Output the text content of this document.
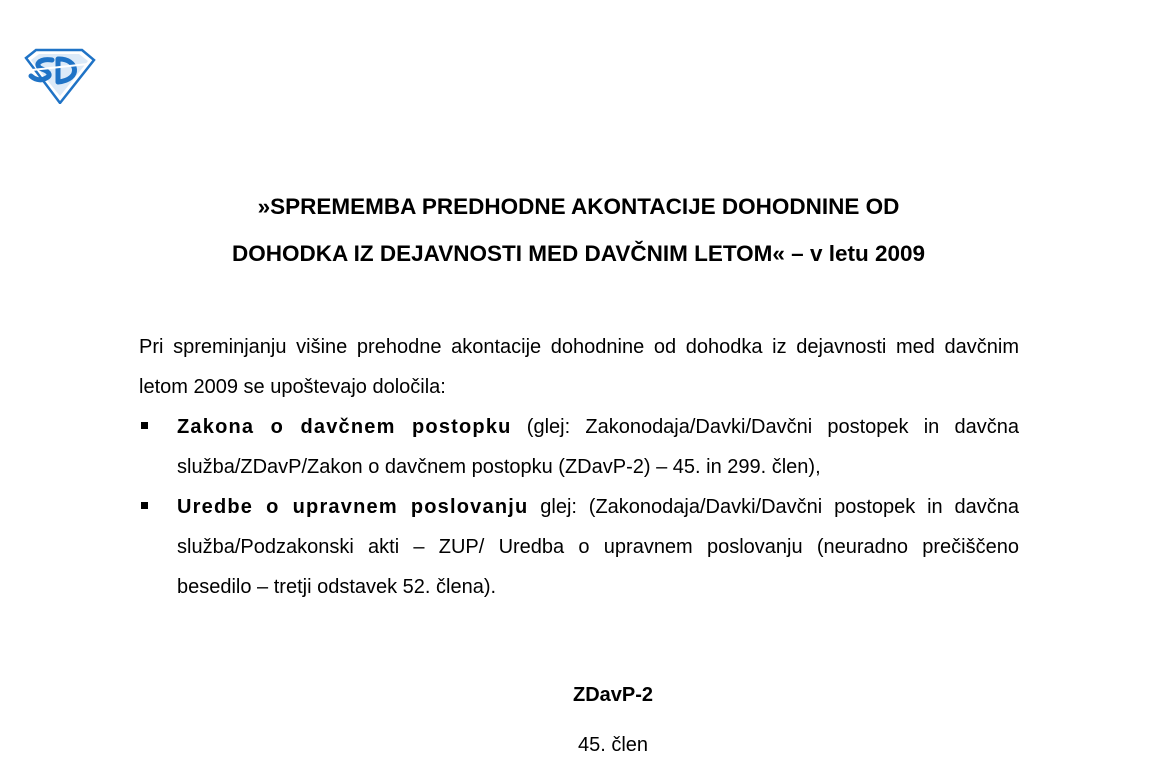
»SPREMEMBA PREDHODNE AKONTACIJE DOHODNINE OD
DOHODKA IZ DEJAVNOSTI MED DAVČNIM LETOM« – v letu 2009
Pri spreminjanju višine prehodne akontacije dohodnine od dohodka iz dejavnosti med davčnim letom 2009 se upoštevajo določila:
Zakona o davčnem postopku (glej: Zakonodaja/Davki/Davčni postopek in davčna služba/ZDavP/Zakon o davčnem postopku (ZDavP-2) – 45. in 299. člen),
Uredbe o upravnem poslovanju glej: (Zakonodaja/Davki/Davčni postopek in davčna služba/Podzakonski akti – ZUP/ Uredba o upravnem poslovanju (neuradno prečiščeno besedilo – tretji odstavek 52. člena).
ZDavP-2
45. člen
